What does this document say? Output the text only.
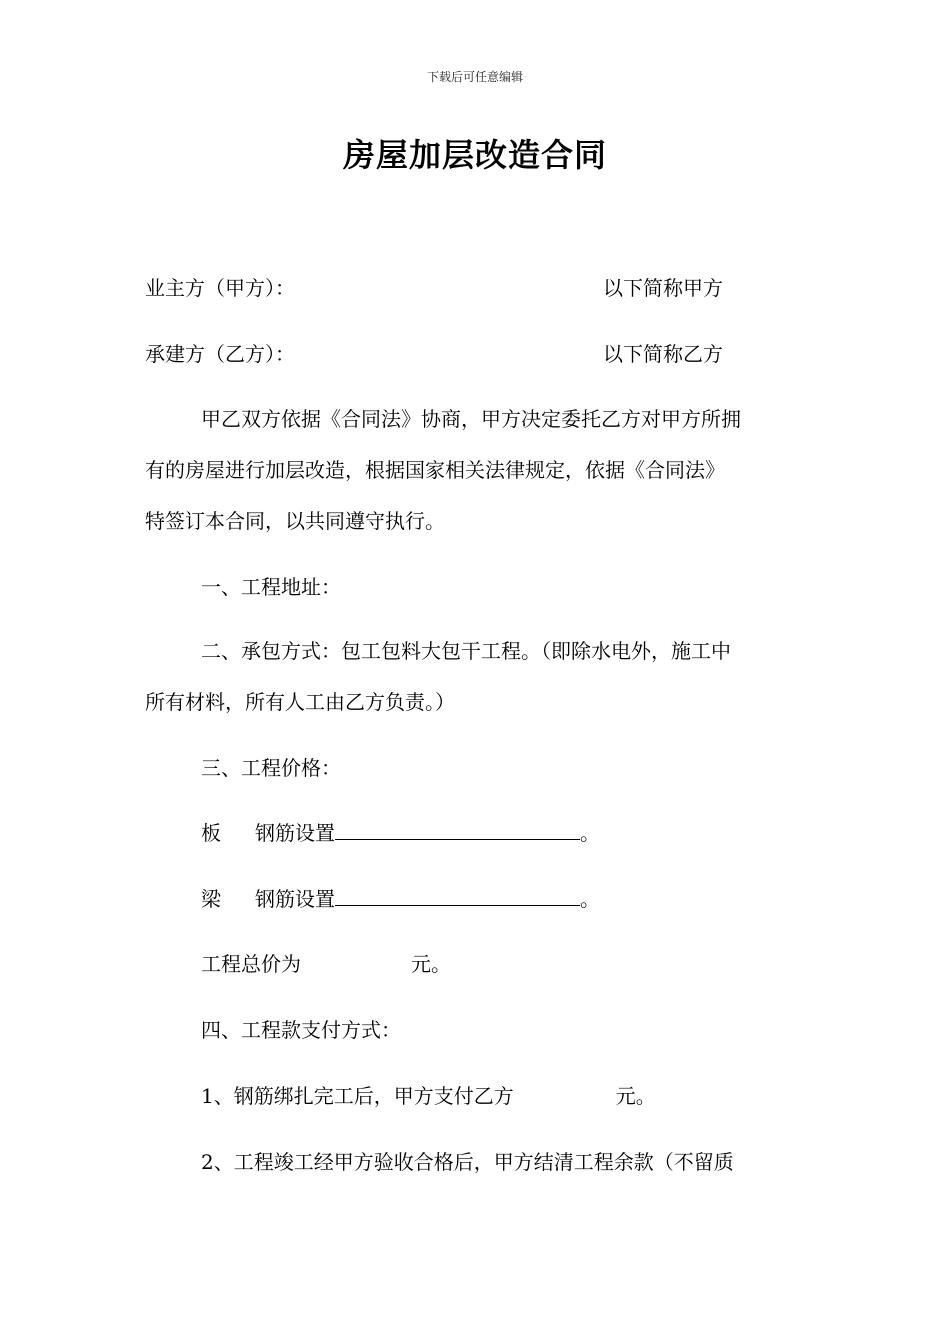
下载后可任意编辑
房屋加层改造合同
业主方（甲方）：	以下简称甲方
承建方（乙方）：	以下简称乙方
甲乙双方依据《合同法》协商，甲方决定委托乙方对甲方所拥
有的房屋进行加层改造，根据国家相关法律规定，依据《合同法》
特签订本合同，以共同遵守执行。
一、工程地址：
二、承包方式：包工包料大包干工程。（即除水电外，施工中
所有材料，所有人工由乙方负责。）
三、工程价格：
板 钢筋设置	。
梁 钢筋设置	。
工程总价为	元。
四、工程款支付方式：
1、钢筋绑扎完工后，甲方支付乙方	元。
2、工程竣工经甲方验收合格后，甲方结清工程余款（不留质
